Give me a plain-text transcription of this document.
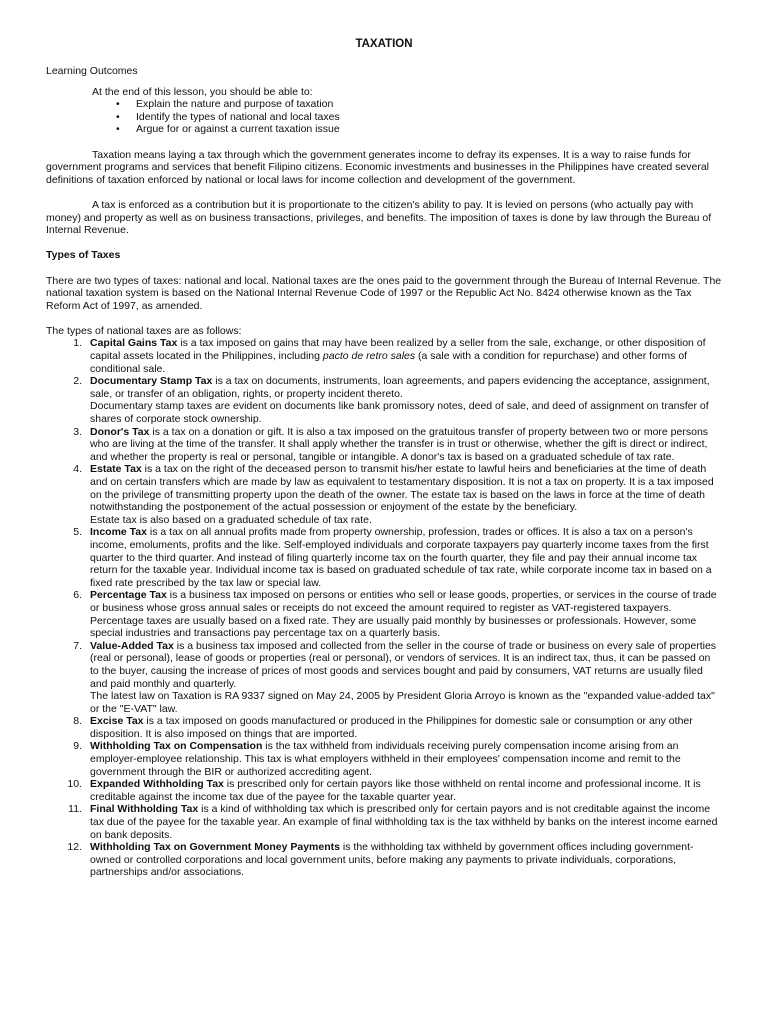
TAXATION

Learning Outcomes

At the end of this lesson, you should be able to:

• Explain the nature and purpose of taxation
• Identify the types of national and local taxes
• Argue for or against a current taxation issue

Taxation means laying a tax through which the government generates income to defray its expenses. It is a way to raise funds for government programs and services that benefit Filipino citizens. Economic investments and businesses in the Philippines have created several definitions of taxation enforced by national or local laws for income collection and development of the government.

A tax is enforced as a contribution but it is proportionate to the citizen's ability to pay. It is levied on persons (who actually pay with money) and property as well as on business transactions, privileges, and benefits. The imposition of taxes is done by law through the Bureau of Internal Revenue.

Types of Taxes

There are two types of taxes: national and local. National taxes are the ones paid to the government through the Bureau of Internal Revenue. The national taxation system is based on the National Internal Revenue Code of 1997 or the Republic Act No. 8424 otherwise known as the Tax Reform Act of 1997, as amended.

The types of national taxes are as follows:

1. Capital Gains Tax is a tax imposed on gains that may have been realized by a seller from the sale, exchange, or other disposition of capital assets located in the Philippines, including pacto de retro sales (a sale with a condition for repurchase) and other forms of conditional sale.
2. Documentary Stamp Tax is a tax on documents, instruments, loan agreements, and papers evidencing the acceptance, assignment, sale, or transfer of an obligation, rights, or property incident thereto.
Documentary stamp taxes are evident on documents like bank promissory notes, deed of sale, and deed of assignment on transfer of shares of corporate stock ownership.
3. Donor's Tax is a tax on a donation or gift. It is also a tax imposed on the gratuitous transfer of property between two or more persons who are living at the time of the transfer. It shall apply whether the transfer is in trust or otherwise, whether the gift is direct or indirect, and whether the property is real or personal, tangible or intangible. A donor's tax is based on a graduated schedule of tax rate.
4. Estate Tax is a tax on the right of the deceased person to transmit his/her estate to lawful heirs and beneficiaries at the time of death and on certain transfers which are made by law as equivalent to testamentary disposition. It is not a tax on property. It is a tax imposed on the privilege of transmitting property upon the death of the owner. The estate tax is based on the laws in force at the time of death notwithstanding the postponement of the actual possession or enjoyment of the estate by the beneficiary.
Estate tax is also based on a graduated schedule of tax rate.
5. Income Tax is a tax on all annual profits made from property ownership, profession, trades or offices. It is also a tax on a person's income, emoluments, profits and the like. Self-employed individuals and corporate taxpayers pay quarterly income taxes from the first quarter to the third quarter. And instead of filing quarterly income tax on the fourth quarter, they file and pay their annual income tax return for the taxable year. Individual income tax is based on graduated schedule of tax rate, while corporate income tax in based on a fixed rate prescribed by the tax law or special law.
6. Percentage Tax is a business tax imposed on persons or entities who sell or lease goods, properties, or services in the course of trade or business whose gross annual sales or receipts do not exceed the amount required to register as VAT-registered taxpayers. Percentage taxes are usually based on a fixed rate. They are usually paid monthly by businesses or professionals. However, some special industries and transactions pay percentage tax on a quarterly basis.
7. Value-Added Tax is a business tax imposed and collected from the seller in the course of trade or business on every sale of properties (real or personal), lease of goods or properties (real or personal), or vendors of services. It is an indirect tax, thus, it can be passed on to the buyer, causing the increase of prices of most goods and services bought and paid by consumers, VAT returns are usually filed and paid monthly and quarterly.
The latest law on Taxation is RA 9337 signed on May 24, 2005 by President Gloria Arroyo is known as the "expanded value-added tax" or the "E-VAT" law.
8. Excise Tax is a tax imposed on goods manufactured or produced in the Philippines for domestic sale or consumption or any other disposition. It is also imposed on things that are imported.
9. Withholding Tax on Compensation is the tax withheld from individuals receiving purely compensation income arising from an employer-employee relationship. This tax is what employers withheld in their employees' compensation income and remit to the government through the BIR or authorized accrediting agent.
10. Expanded Withholding Tax is prescribed only for certain payors like those withheld on rental income and professional income. It is creditable against the income tax due of the payee for the taxable quarter year.
11. Final Withholding Tax is a kind of withholding tax which is prescribed only for certain payors and is not creditable against the income tax due of the payee for the taxable year. An example of final withholding tax is the tax withheld by banks on the interest income earned on bank deposits.
12. Withholding Tax on Government Money Payments is the withholding tax withheld by government offices including government-owned or controlled corporations and local government units, before making any payments to private individuals, corporations, partnerships and/or associations.
